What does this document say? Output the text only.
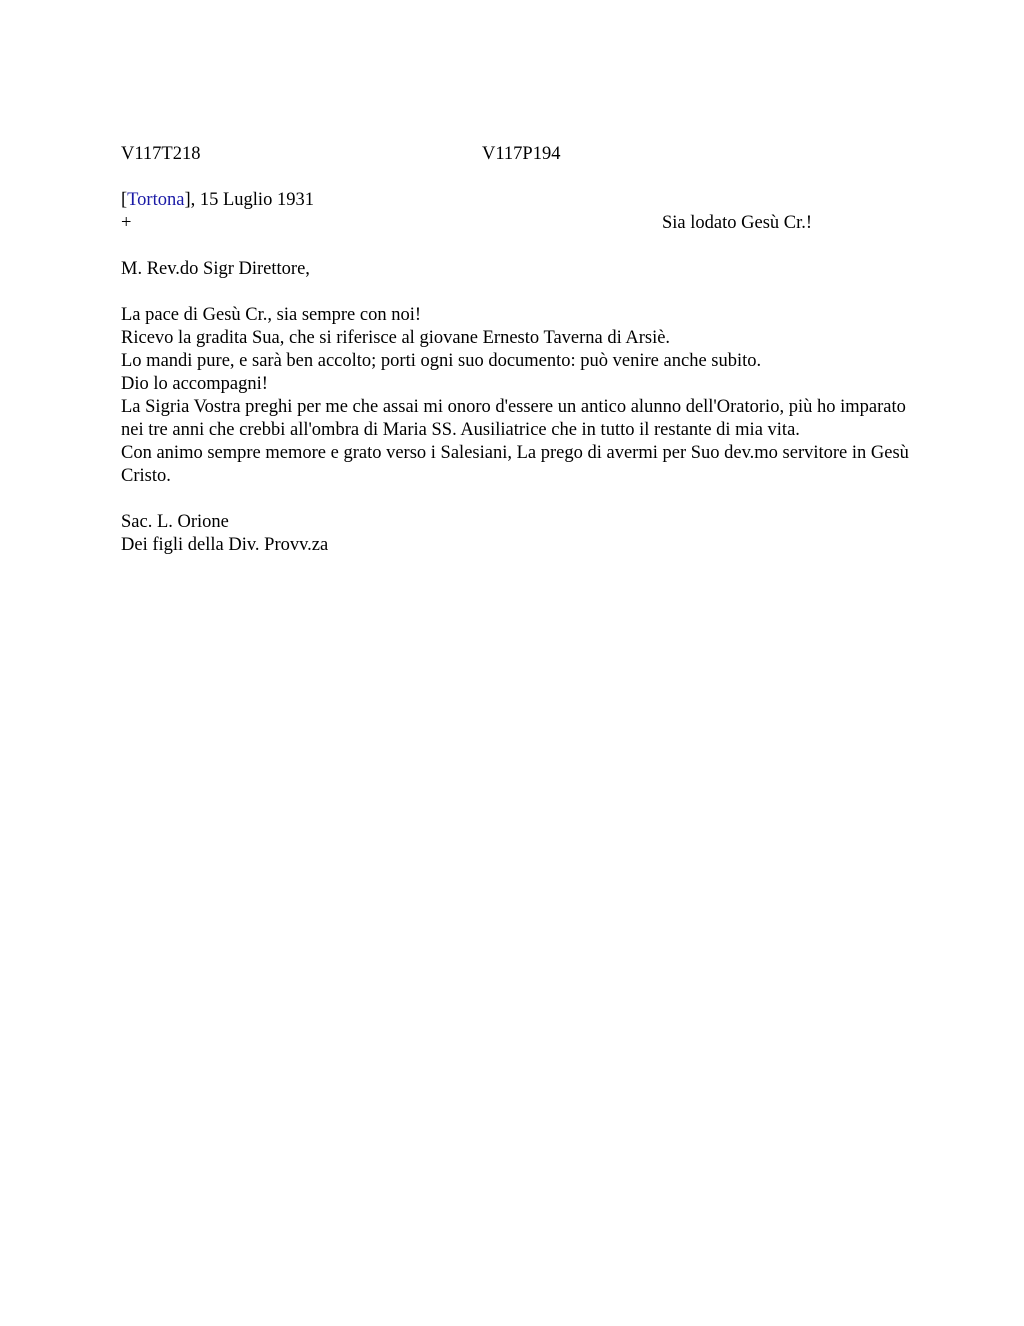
V117T218	V117P194
[Tortona], 15 Luglio 1931
+	Sia lodato Gesù Cr.!
M. Rev.do Sigr Direttore,
La pace di Gesù Cr., sia sempre con noi!
Ricevo la gradita Sua, che si riferisce al giovane Ernesto Taverna di Arsiè.
Lo mandi pure, e sarà ben accolto; porti ogni suo documento: può venire anche subito.
Dio lo accompagni!
La Sigria Vostra preghi per me che assai mi onoro d'essere un antico alunno dell'Oratorio, più ho imparato nei tre anni che crebbi all'ombra di Maria SS. Ausiliatrice che in tutto il restante di mia vita.
Con animo sempre memore e grato verso i Salesiani, La prego di avermi per Suo dev.mo servitore in Gesù Cristo.
Sac. L. Orione
Dei figli della Div. Provv.za
